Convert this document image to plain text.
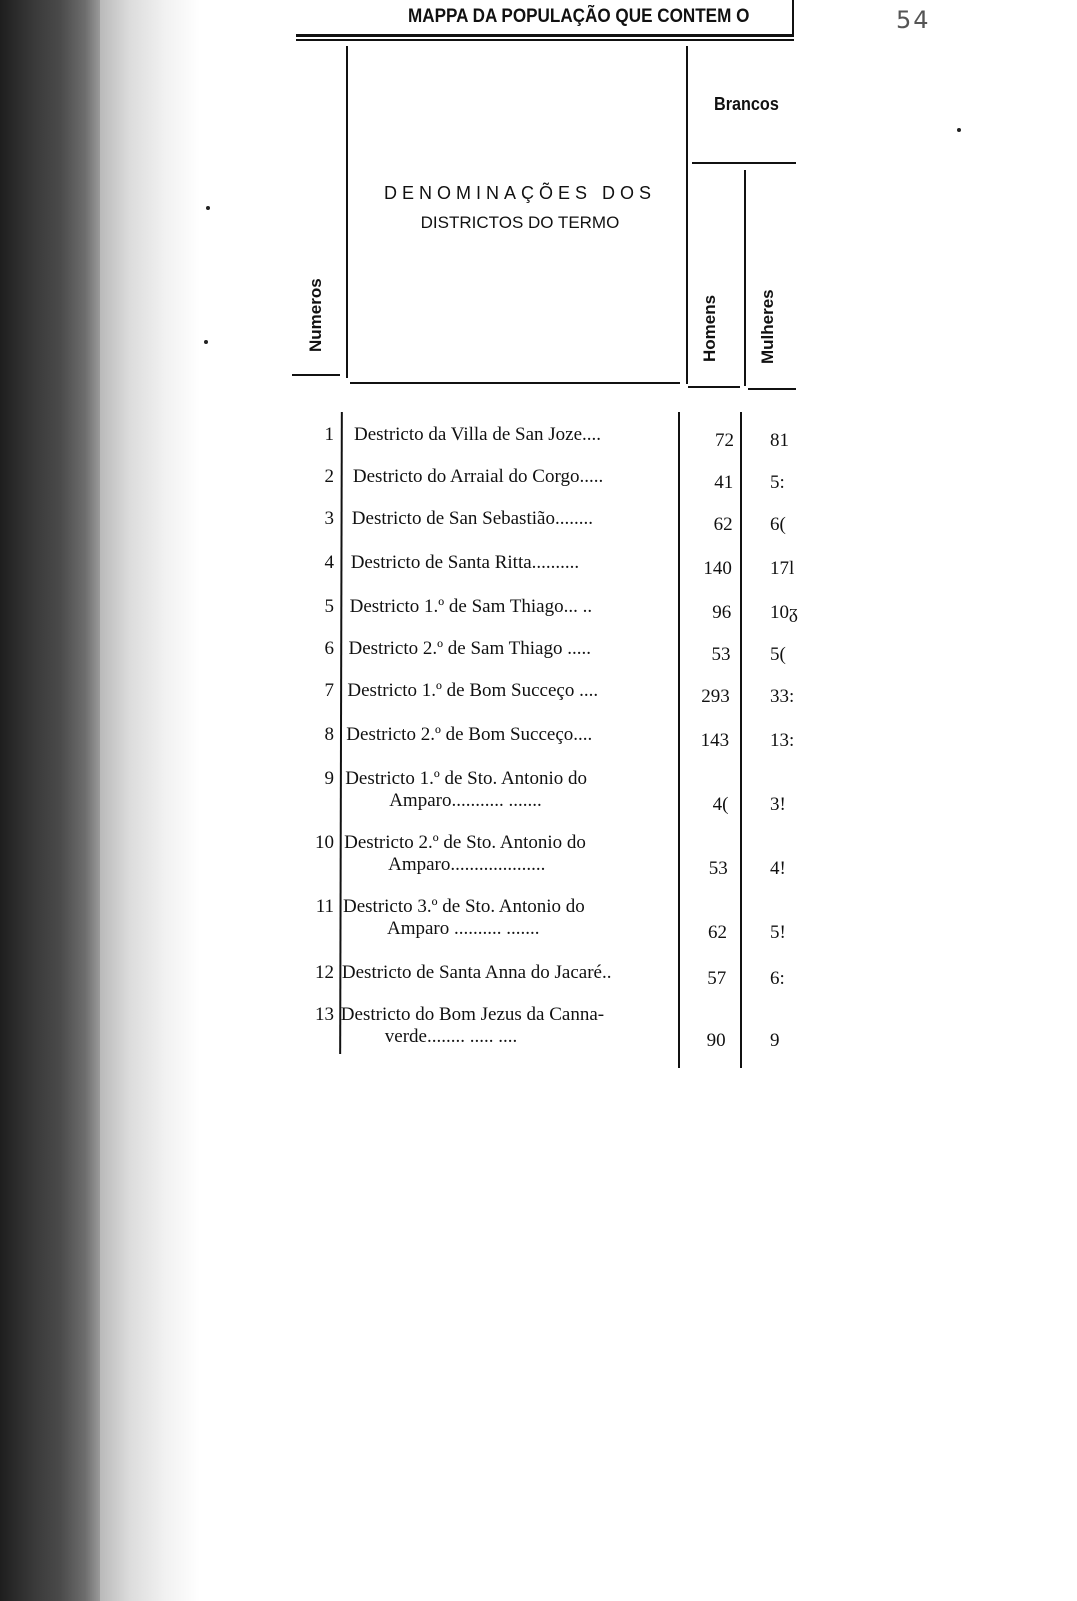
54
MAPPA DA POPULAÇÃO QUE CONTEM O
Numeros
DENOMINAÇÕES DOS
DISTRICTOS DO TERMO
Brancos
Homens Mulheres
1 Destricto da Villa de San Joze....	72 81
2 Destricto do Arraial do Corgo.....	41 5:
3 Destricto de San Sebastião........	62 6(
4 Destricto de Santa Ritta..........	140 17l
5 Destricto 1.º de Sam Thiago... ..	96 10ᵹ
6 Destricto 2.º de Sam Thiago .....	53 5(
7 Destricto 1.º de Bom Succeço ....	293 33:
8 Destricto 2.º de Bom Succeço....	143 13:
9 Destricto 1.º de Sto. Antonio do
Amparo........... .......	4( 3!
10 Destricto 2.º de Sto. Antonio do
Amparo....................	53 4!
11 Destricto 3.º de Sto. Antonio do
Amparo .......... .......	62 5!
12 Destricto de Santa Anna do Jacaré..	57 6:
13 Destricto do Bom Jezus da Canna-
verde........ ..... ....	90 9
